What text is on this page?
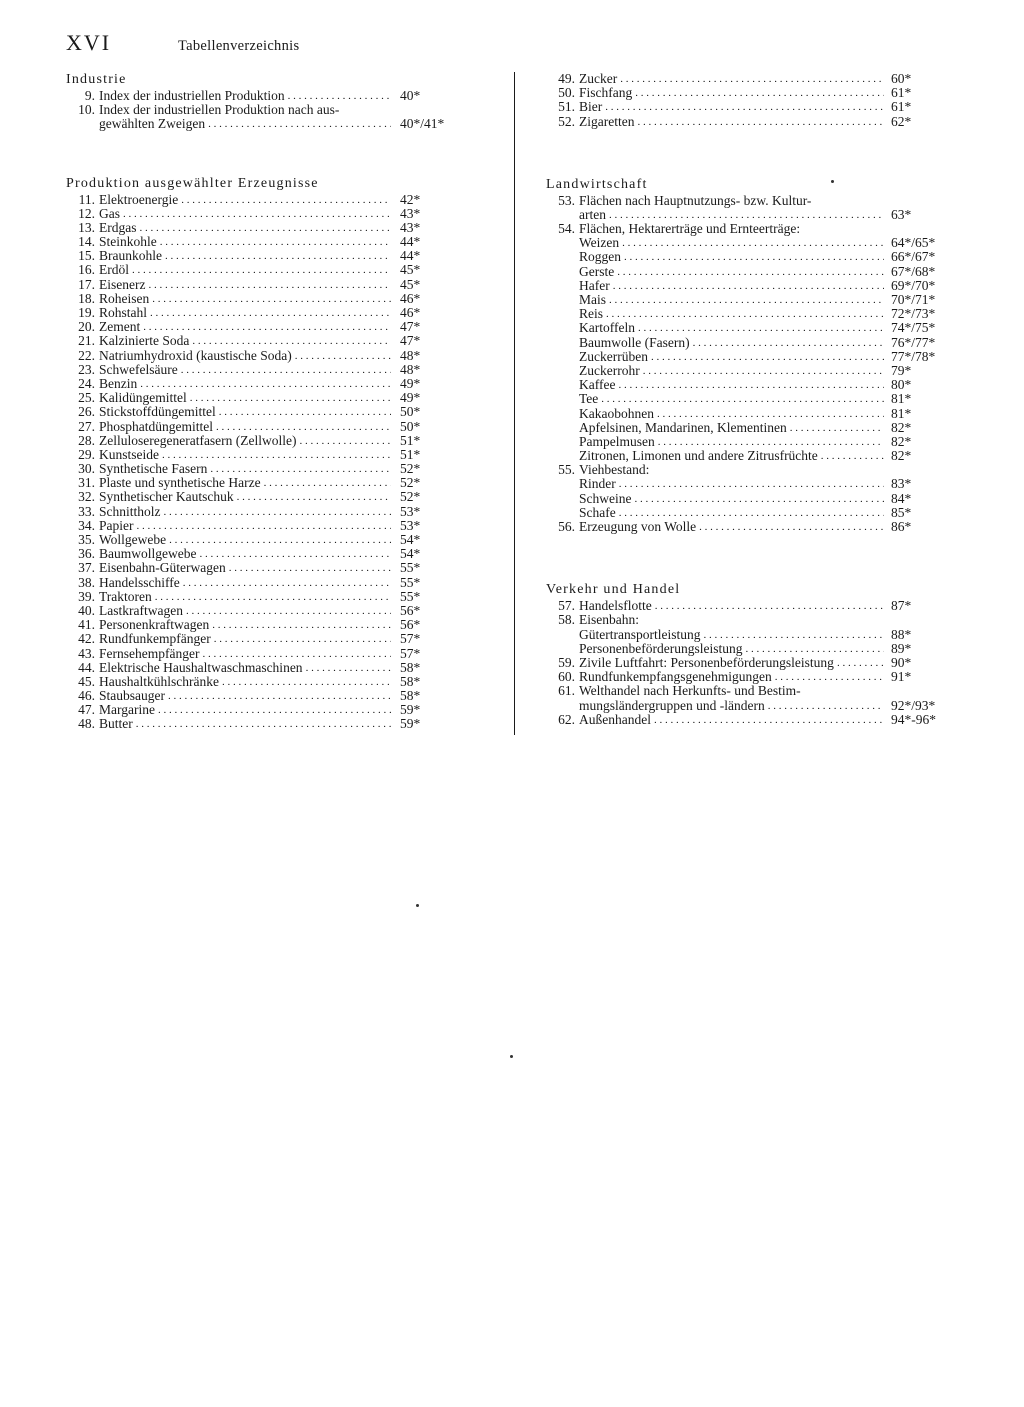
XVI	Tabellenverzeichnis
Industrie
9. Index der industriellen Produktion . . .	40*
10. Index der industriellen Produktion nach aus-
gewählten Zweigen . . .	40*/41*
Produktion ausgewählter Erzeugnisse
11. Elektroenergie . . .	42*
12. Gas . . .	43*
13. Erdgas . . .	43*
14. Steinkohle . . .	44*
15. Braunkohle . . .	44*
16. Erdöl . . .	45*
17. Eisenerz . . .	45*
18. Roheisen . . .	46*
19. Rohstahl . . .	46*
20. Zement . . .	47*
21. Kalzinierte Soda . . .	47*
22. Natriumhydroxid (kaustische Soda) . . .	48*
23. Schwefelsäure . . .	48*
24. Benzin . . .	49*
25. Kalidüngemittel . . .	49*
26. Stickstoffdüngemittel . . .	50*
27. Phosphatdüngemittel . . .	50*
28. Zelluloseregeneratfasern (Zellwolle) . . .	51*
29. Kunstseide . . .	51*
30. Synthetische Fasern . . .	52*
31. Plaste und synthetische Harze . . .	52*
32. Synthetischer Kautschuk . . .	52*
33. Schnittholz . . .	53*
34. Papier . . .	53*
35. Wollgewebe . . .	54*
36. Baumwollgewebe . . .	54*
37. Eisenbahn-Güterwagen . . .	55*
38. Handelsschiffe . . .	55*
39. Traktoren . . .	55*
40. Lastkraftwagen . . .	56*
41. Personenkraftwagen . . .	56*
42. Rundfunkempfänger . . .	57*
43. Fernsehempfänger . . .	57*
44. Elektrische Haushaltwaschmaschinen . . .	58*
45. Haushaltkühlschränke . . .	58*
46. Staubsauger . . .	58*
47. Margarine . . .	59*
48. Butter . . .	59*
49. Zucker . . .	60*
50. Fischfang . . .	61*
51. Bier . . .	61*
52. Zigaretten . . .	62*
Landwirtschaft
53. Flächen nach Hauptnutzungs- bzw. Kultur-
arten . . .	63*
54. Flächen, Hektarerträge und Ernteerträge:
Weizen . . .	64*/65*
Roggen . . .	66*/67*
Gerste . . .	67*/68*
Hafer . . .	69*/70*
Mais . . .	70*/71*
Reis . . .	72*/73*
Kartoffeln . . .	74*/75*
Baumwolle (Fasern) . . .	76*/77*
Zuckerrüben . . .	77*/78*
Zuckerrohr . . .	79*
Kaffee . . .	80*
Tee . . .	81*
Kakaobohnen . . .	81*
Apfelsinen, Mandarinen, Klementinen . . .	82*
Pampelmusen . . .	82*
Zitronen, Limonen und andere Zitrusfrüchte . . .	82*
55. Viehbestand:
Rinder . . .	83*
Schweine . . .	84*
Schafe . . .	85*
56. Erzeugung von Wolle . . .	86*
Verkehr und Handel
57. Handelsflotte . . .	87*
58. Eisenbahn:
Gütertransportleistung . . .	88*
Personenbeförderungsleistung . . .	89*
59. Zivile Luftfahrt: Personenbeförderungsleistung . . .	90*
60. Rundfunkempfangsgenehmigungen . . .	91*
61. Welthandel nach Herkunfts- und Bestim-
mungsländergruppen und -ländern . . .	92*/93*
62. Außenhandel . . .	94*-96*
